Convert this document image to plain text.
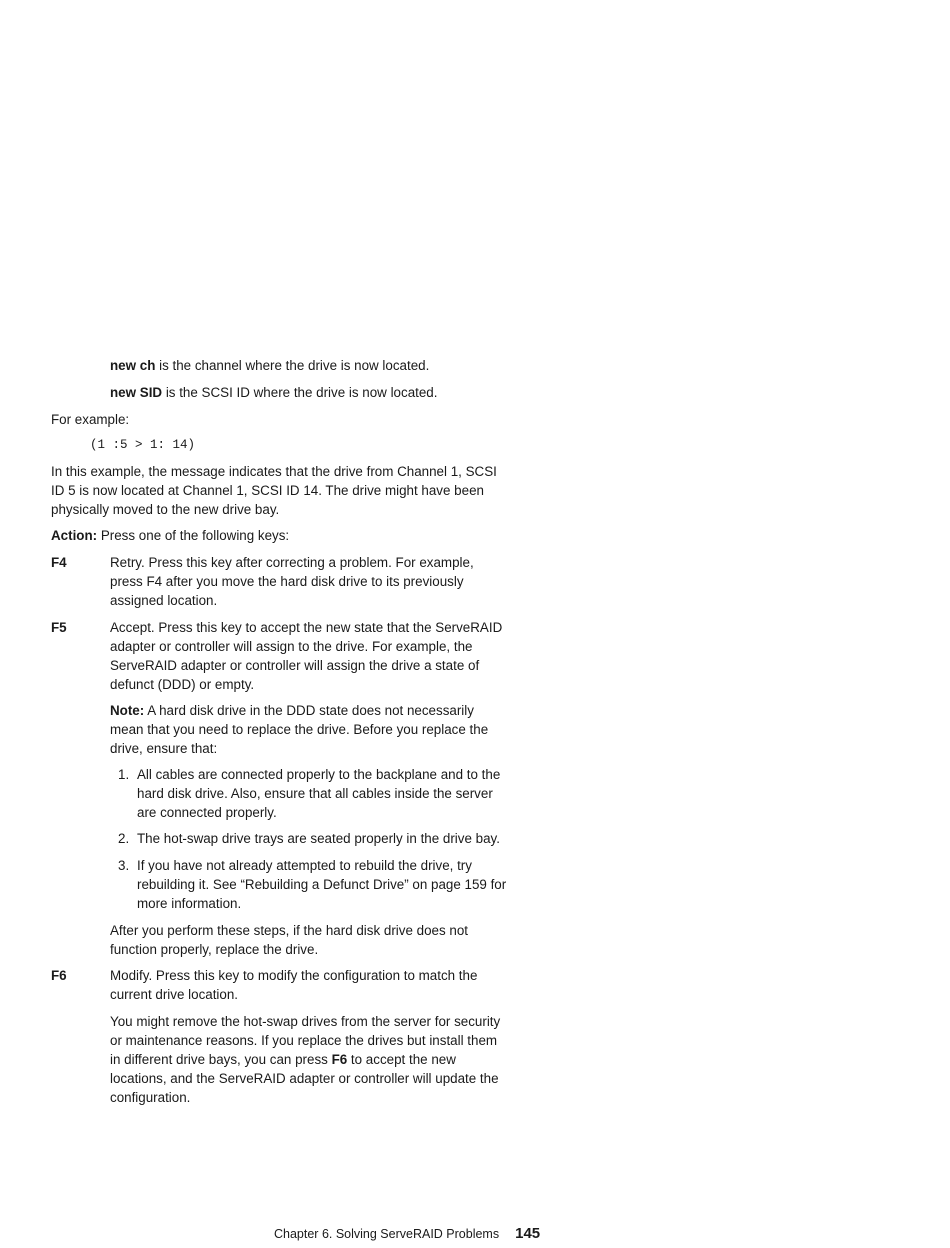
new ch is the channel where the drive is now located.

new SID is the SCSI ID where the drive is now located.

For example:

(1 :5 > 1: 14)

In this example, the message indicates that the drive from Channel 1, SCSI
ID 5 is now located at Channel 1, SCSI ID 14. The drive might have been
physically moved to the new drive bay.

Action: Press one of the following keys:

F4	Retry. Press this key after correcting a problem. For example,
press F4 after you move the hard disk drive to its previously
assigned location.
F5	Accept. Press this key to accept the new state that the ServeRAID
adapter or controller will assign to the drive. For example, the
ServeRAID adapter or controller will assign the drive a state of
defunct (DDD) or empty.
Note: A hard disk drive in the DDD state does not necessarily
mean that you need to replace the drive. Before you replace the
drive, ensure that:
1. All cables are connected properly to the backplane and to the
hard disk drive. Also, ensure that all cables inside the server
are connected properly.
2. The hot-swap drive trays are seated properly in the drive bay.
3. If you have not already attempted to rebuild the drive, try
rebuilding it. See “Rebuilding a Defunct Drive” on page 159 for
more information.
After you perform these steps, if the hard disk drive does not
function properly, replace the drive.
F6	Modify. Press this key to modify the configuration to match the
current drive location.
You might remove the hot-swap drives from the server for security
or maintenance reasons. If you replace the drives but install them
in different drive bays, you can press F6 to accept the new
locations, and the ServeRAID adapter or controller will update the
configuration.
Chapter 6. Solving ServeRAID Problems 145
